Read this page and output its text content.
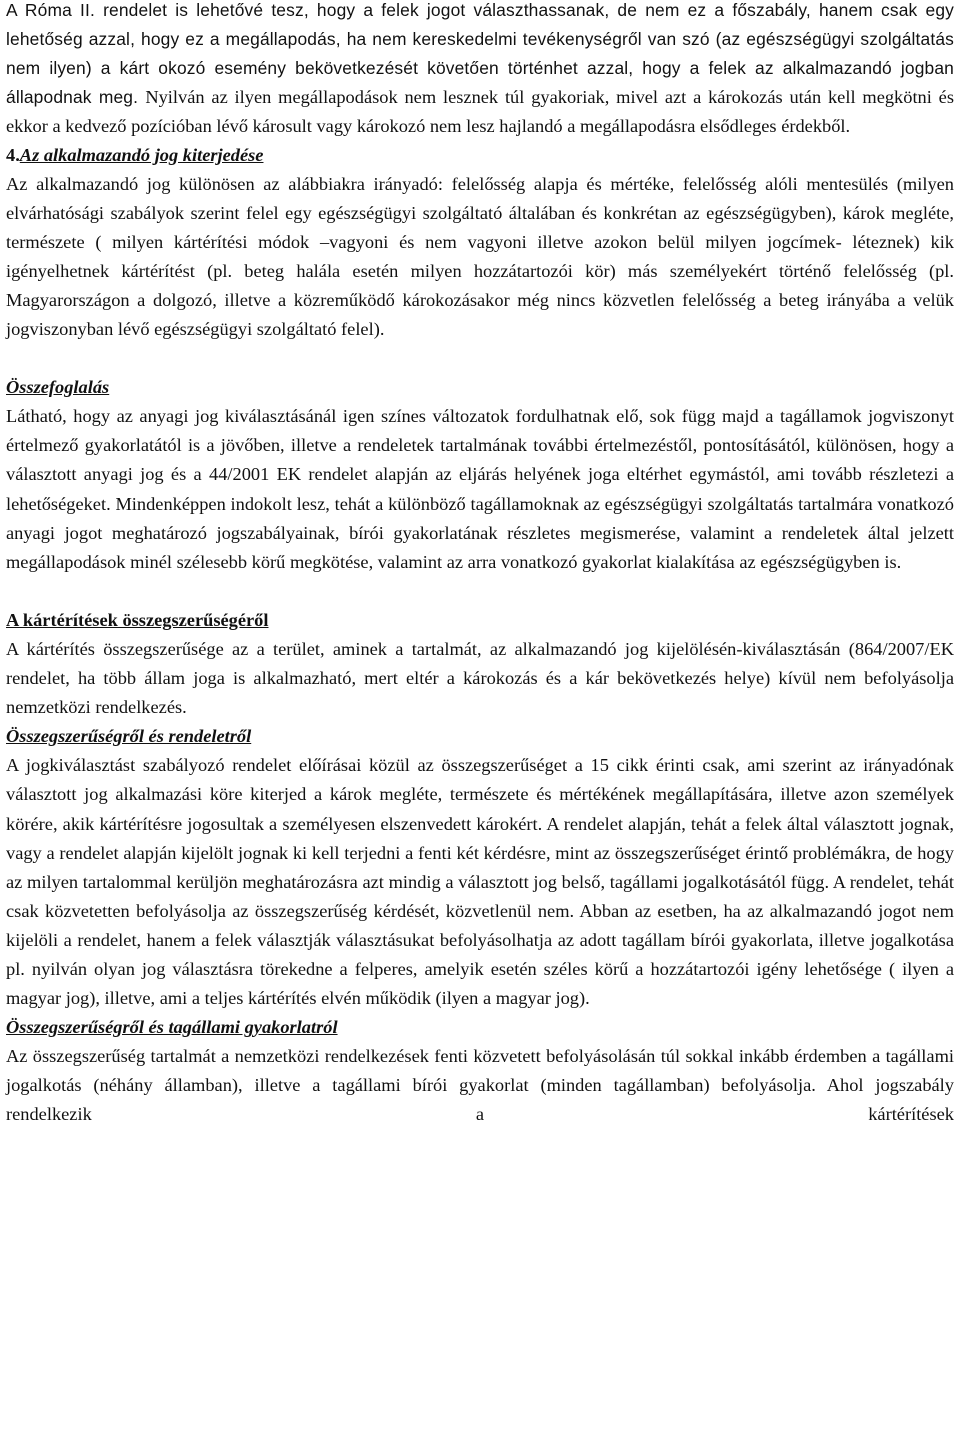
A Róma II. rendelet is lehetővé tesz, hogy a felek jogot választhassanak, de nem ez a főszabály, hanem csak egy lehetőség azzal, hogy ez a megállapodás, ha nem kereskedelmi tevékenységről van szó (az egészségügyi szolgáltatás nem ilyen) a kárt okozó esemény bekövetkezését követően történhet azzal, hogy a felek az alkalmazandó jogban állapodnak meg. Nyilván az ilyen megállapodások nem lesznek túl gyakoriak, mivel azt a károkozás után kell megkötni és ekkor a kedvező pozícióban lévő károsult vagy károkozó nem lesz hajlandó a megállapodásra elsődleges érdekből.

4.Az alkalmazandó jog kiterjedése

Az alkalmazandó jog különösen az alábbiakra irányadó: felelősség alapja és mértéke, felelősség alóli mentesülés (milyen elvárhatósági szabályok szerint felel egy egészségügyi szolgáltató általában és konkrétan az egészségügyben), károk megléte, természete ( milyen kártérítési módok –vagyoni és nem vagyoni illetve azokon belül milyen jogcímek- léteznek) kik igényelhetnek kártérítést (pl. beteg halála esetén milyen hozzátartozói kör) más személyekért történő felelősség (pl. Magyarországon a dolgozó, illetve a közreműködő károkozásakor még nincs közvetlen felelősség a beteg irányába a velük jogviszonyban lévő egészségügyi szolgáltató felel).

Összefoglalás

Látható, hogy az anyagi jog kiválasztásánál igen színes változatok fordulhatnak elő, sok függ majd a tagállamok jogviszonyt értelmező gyakorlatától is a jövőben, illetve a rendeletek tartalmának további értelmezéstől, pontosításától, különösen, hogy a választott anyagi jog és a 44/2001 EK rendelet alapján az eljárás helyének joga eltérhet egymástól, ami tovább részletezi a lehetőségeket. Mindenképpen indokolt lesz, tehát a különböző tagállamoknak az egészségügyi szolgáltatás tartalmára vonatkozó anyagi jogot meghatározó jogszabályainak, bírói gyakorlatának részletes megismerése, valamint a rendeletek által jelzett megállapodások minél szélesebb körű megkötése, valamint az arra vonatkozó gyakorlat kialakítása az egészségügyben is.

A kártérítések összegszerűségéről

A kártérítés összegszerűsége az a terület, aminek a tartalmát, az alkalmazandó jog kijelölésén-kiválasztásán (864/2007/EK rendelet, ha több állam joga is alkalmazható, mert eltér a károkozás és a kár bekövetkezés helye) kívül nem befolyásolja nemzetközi rendelkezés.

Összegszerűségről és rendeletről

A jogkiválasztást szabályozó rendelet előírásai közül az összegszerűséget a 15 cikk érinti csak, ami szerint az irányadónak választott jog alkalmazási köre kiterjed a károk megléte, természete és mértékének megállapítására, illetve azon személyek körére, akik kártérítésre jogosultak a személyesen elszenvedett károkért. A rendelet alapján, tehát a felek által választott jognak, vagy a rendelet alapján kijelölt jognak ki kell terjedni a fenti két kérdésre, mint az összegszerűséget érintő problémákra, de hogy az milyen tartalommal kerüljön meghatározásra azt mindig a választott jog belső, tagállami jogalkotásától függ. A rendelet, tehát csak közvetetten befolyásolja az összegszerűség kérdését, közvetlenül nem. Abban az esetben, ha az alkalmazandó jogot nem kijelöli a rendelet, hanem a felek választják választásukat befolyásolhatja az adott tagállam bírói gyakorlata, illetve jogalkotása pl. nyilván olyan jog választásra törekedne a felperes, amelyik esetén széles körű a hozzátartozói igény lehetősége ( ilyen a magyar jog), illetve, ami a teljes kártérítés elvén működik (ilyen a magyar jog).

Összegszerűségről és tagállami gyakorlatról

Az összegszerűség tartalmát a nemzetközi rendelkezések fenti közvetett befolyásolásán túl sokkal inkább érdemben a tagállami jogalkotás (néhány államban), illetve a tagállami bírói gyakorlat (minden tagállamban) befolyásolja. Ahol jogszabály rendelkezik a kártérítések
